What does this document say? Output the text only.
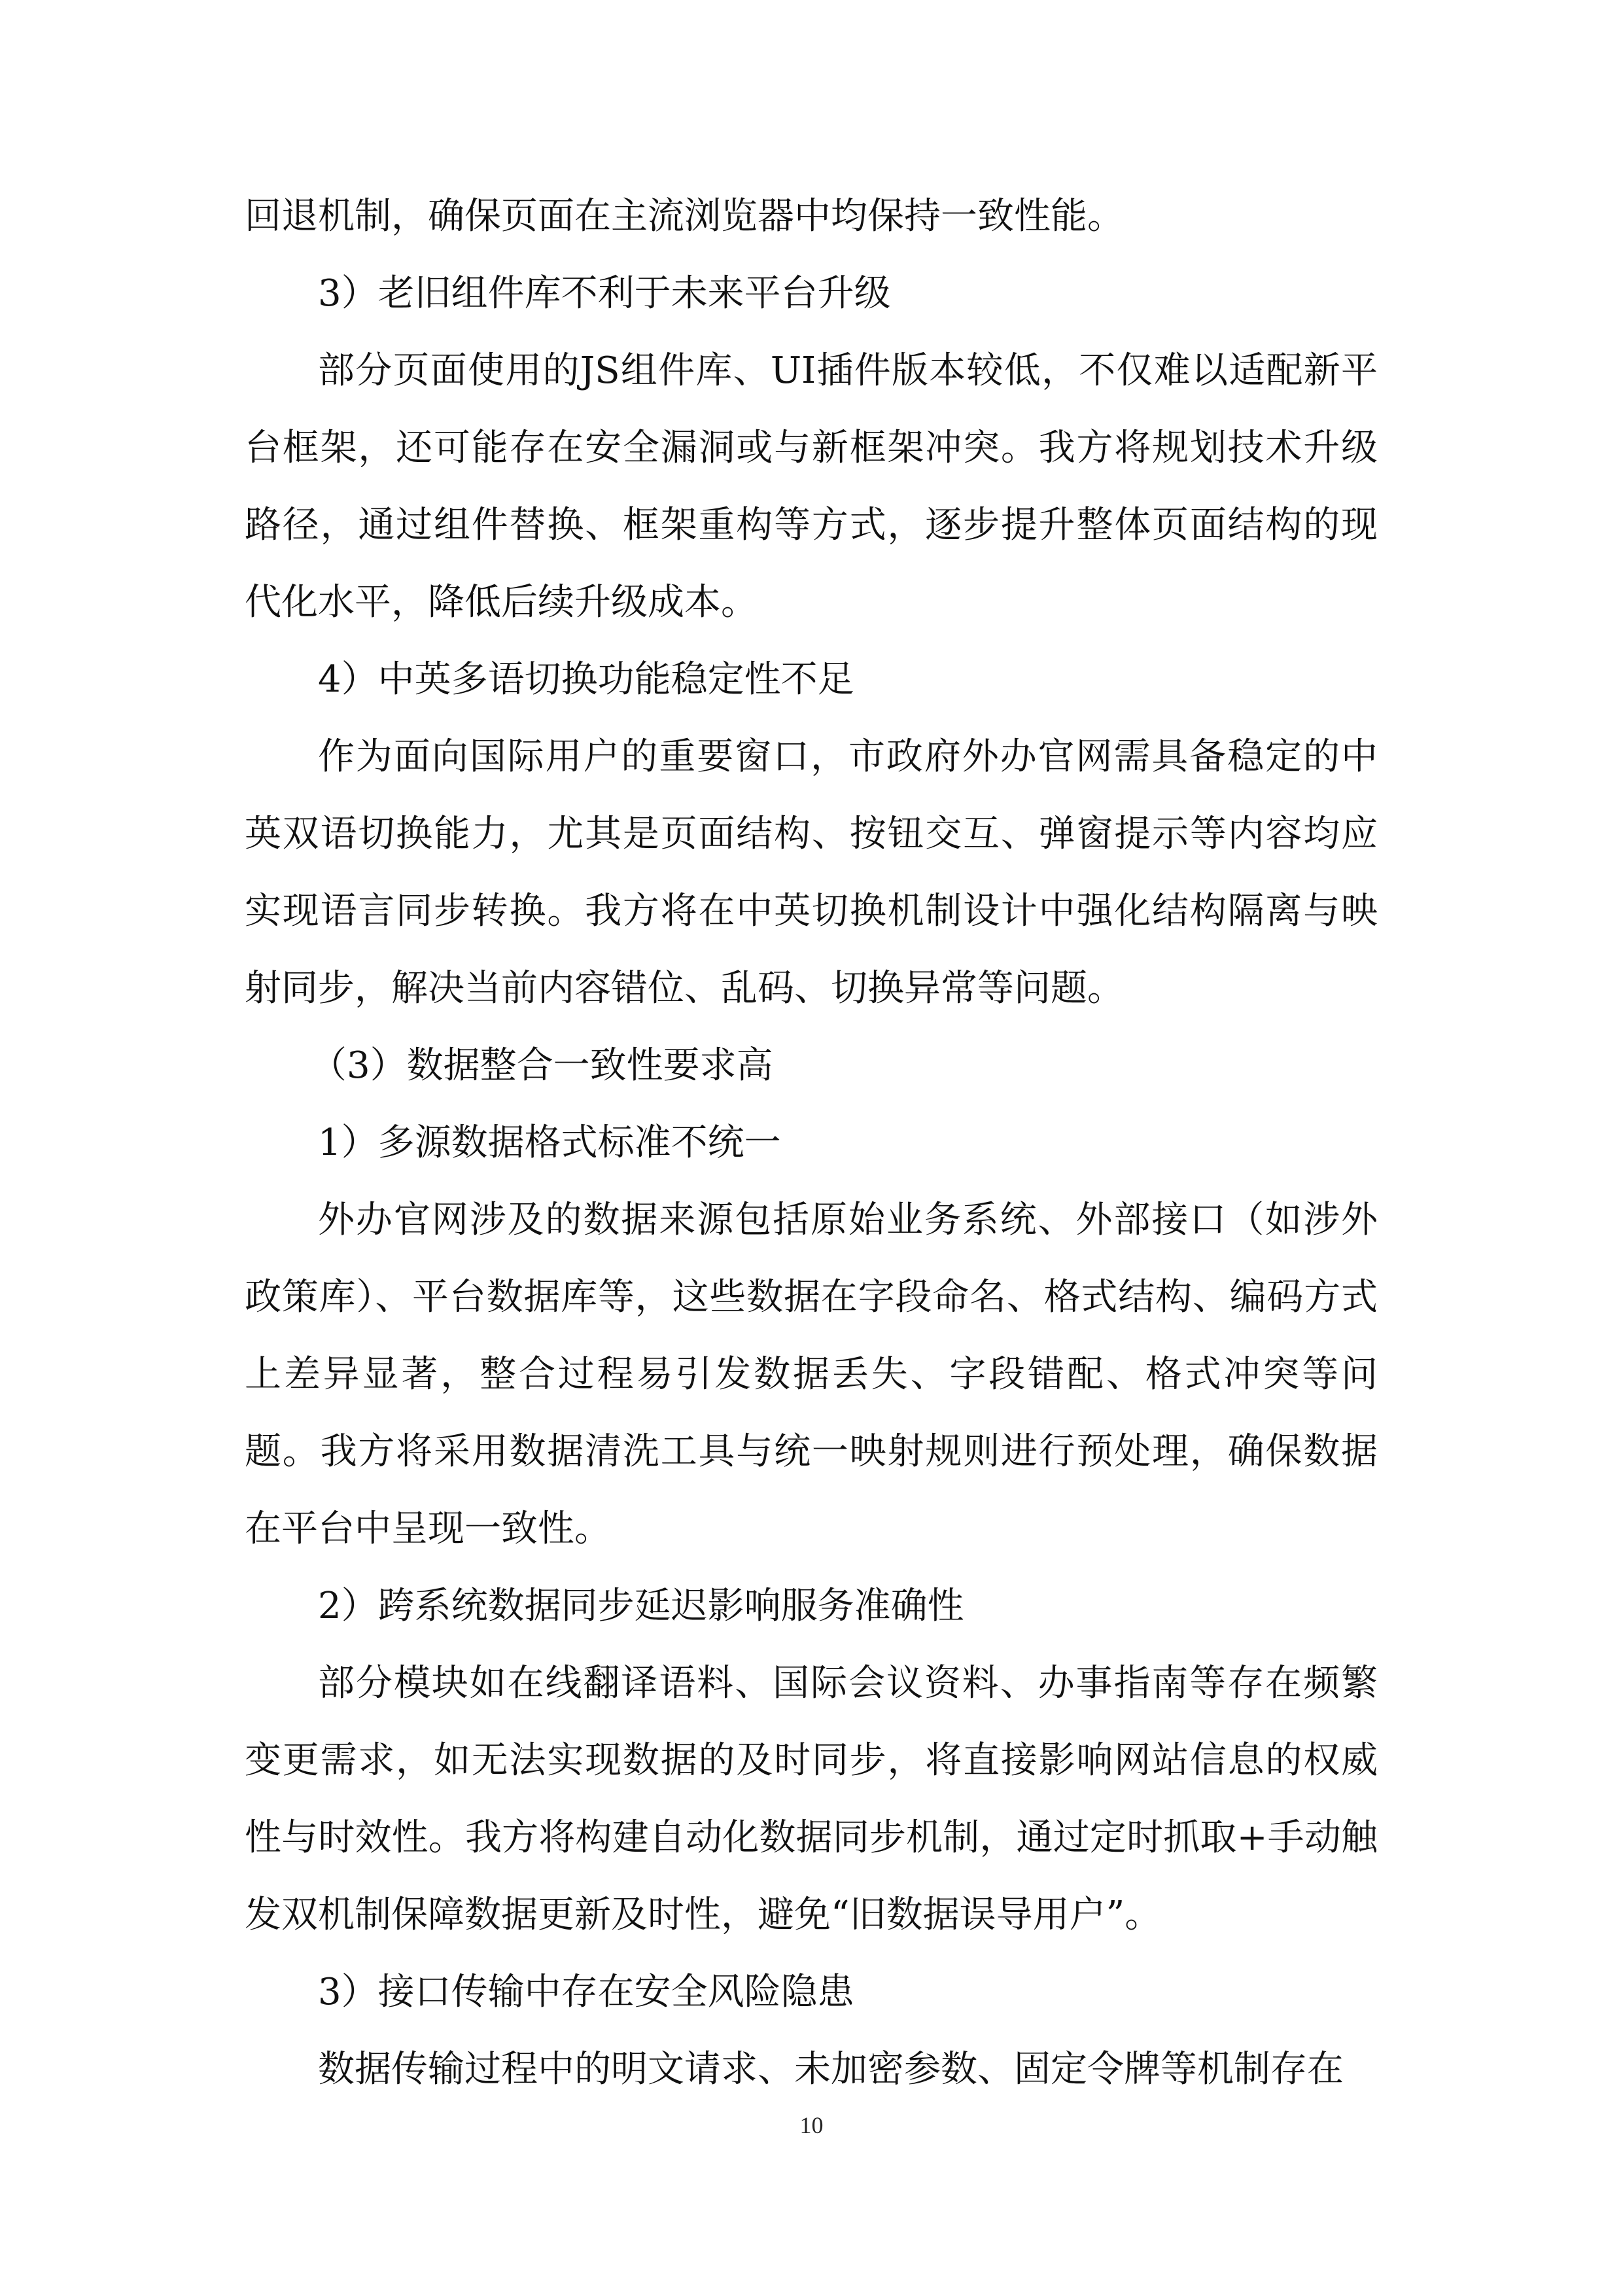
回退机制，确保页面在主流浏览器中均保持一致性能。

3）老旧组件库不利于未来平台升级

部分页面使用的JS组件库、UI插件版本较低，不仅难以适配新平台框架，还可能存在安全漏洞或与新框架冲突。我方将规划技术升级路径，通过组件替换、框架重构等方式，逐步提升整体页面结构的现代化水平，降低后续升级成本。

4）中英多语切换功能稳定性不足

作为面向国际用户的重要窗口，市政府外办官网需具备稳定的中英双语切换能力，尤其是页面结构、按钮交互、弹窗提示等内容均应实现语言同步转换。我方将在中英切换机制设计中强化结构隔离与映射同步，解决当前内容错位、乱码、切换异常等问题。

（3）数据整合一致性要求高

1）多源数据格式标准不统一

外办官网涉及的数据来源包括原始业务系统、外部接口（如涉外政策库）、平台数据库等，这些数据在字段命名、格式结构、编码方式上差异显著，整合过程易引发数据丢失、字段错配、格式冲突等问题。我方将采用数据清洗工具与统一映射规则进行预处理，确保数据在平台中呈现一致性。

2）跨系统数据同步延迟影响服务准确性

部分模块如在线翻译语料、国际会议资料、办事指南等存在频繁变更需求，如无法实现数据的及时同步，将直接影响网站信息的权威性与时效性。我方将构建自动化数据同步机制，通过定时抓取+手动触发双机制保障数据更新及时性，避免“旧数据误导用户”。

3）接口传输中存在安全风险隐患

数据传输过程中的明文请求、未加密参数、固定令牌等机制存在

10
